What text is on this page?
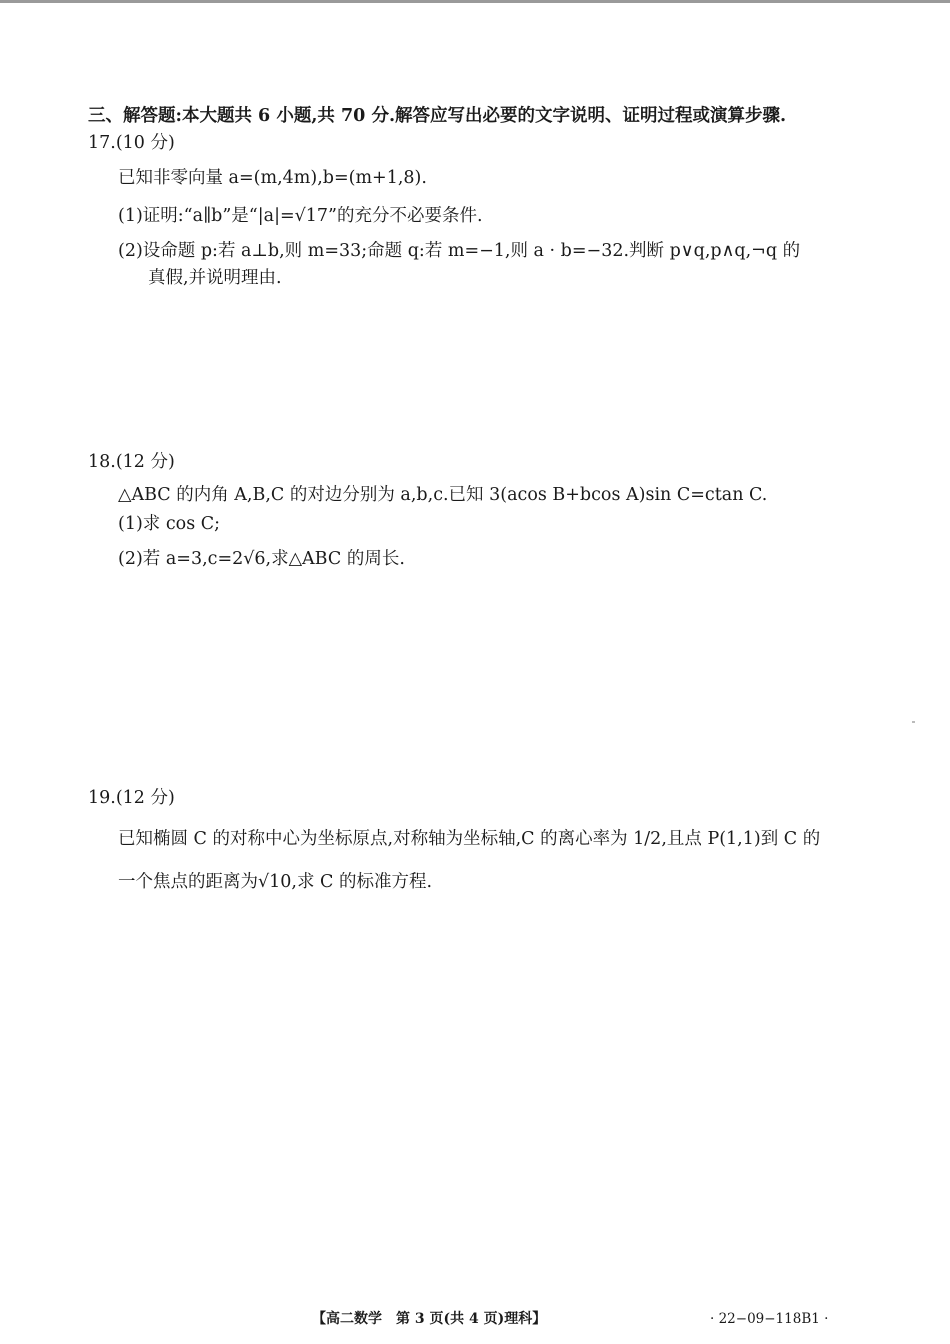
三、解答题:本大题共 6 小题,共 70 分.解答应写出必要的文字说明、证明过程或演算步骤.
17.(10 分)
已知非零向量 a=(m,4m),b=(m+1,8).
(1)证明:“a∥b”是“|a|=√17”的充分不必要条件.
(2)设命题 p:若 a⊥b,则 m=33;命题 q:若 m=−1,则 a · b=−32.判断 p∨q,p∧q,¬q 的
真假,并说明理由.
18.(12 分)
△ABC 的内角 A,B,C 的对边分别为 a,b,c.已知 3(acos B+bcos A)sin C=ctan C.
(1)求 cos C;
(2)若 a=3,c=2√6,求△ABC 的周长.
19.(12 分)
已知椭圆 C 的对称中心为坐标原点,对称轴为坐标轴,C 的离心率为 1/2,且点 P(1,1)到 C 的
一个焦点的距离为√10,求 C 的标准方程.
【高二数学　第 3 页(共 4 页)理科】	· 22−09−118B1 ·
